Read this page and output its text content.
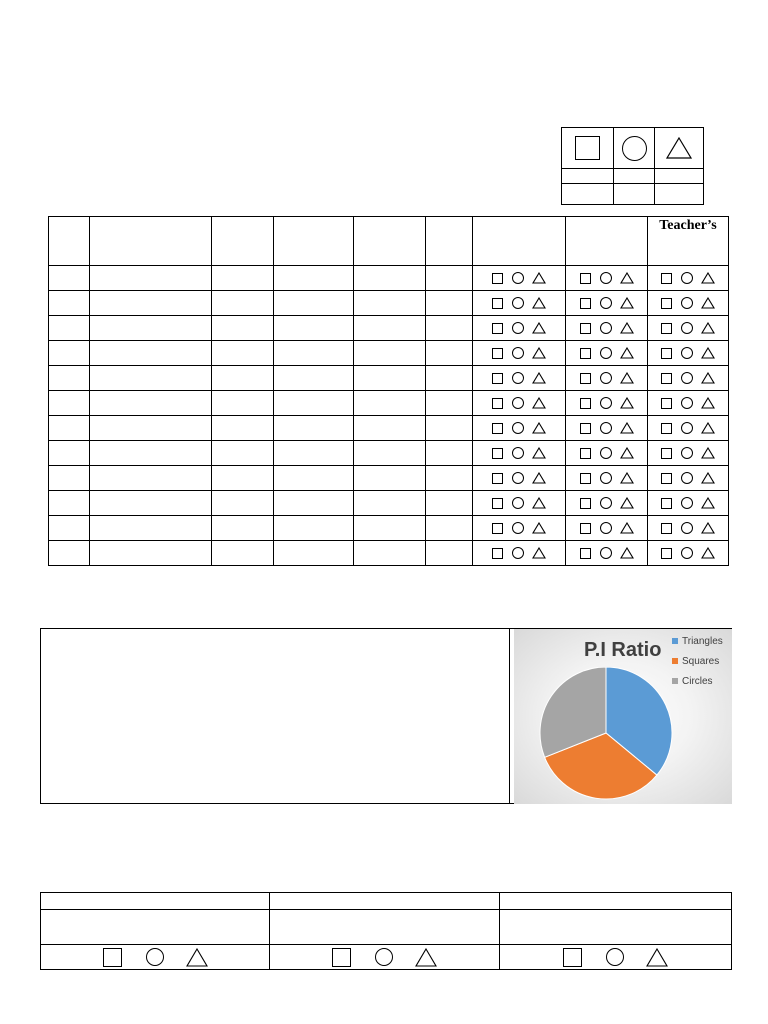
								Teacher’s

P.I Ratio	Triangles
Squares
Circles
